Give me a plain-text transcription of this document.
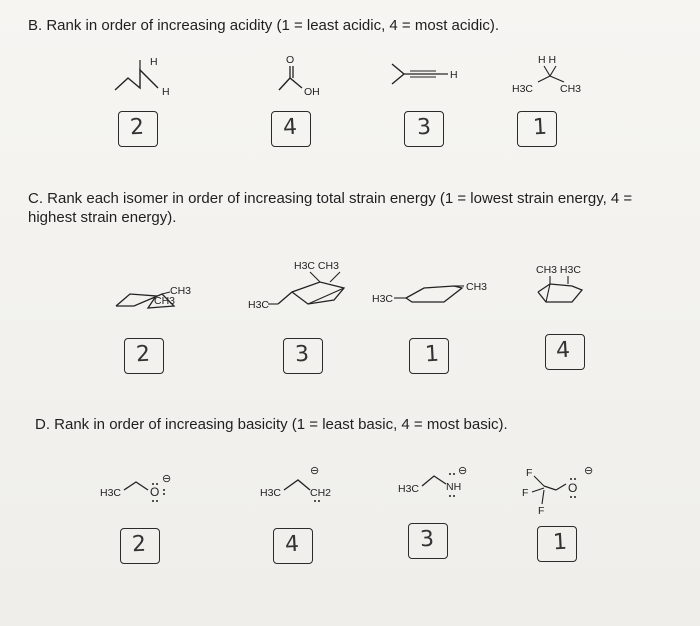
B. Rank in order of increasing acidity (1 = least acidic, 4 = most acidic).
H
H
O
OH
H
H H
H3C	CH3
2	4	3	1
C. Rank each isomer in order of increasing total strain energy (1 = lowest strain energy, 4 = highest strain energy).
CH3
CH3
H3C CH3
H3C	H3C
CH3
CH3 H3C
2	3	1	4
D. Rank in order of increasing basicity (1 = least basic, 4 = most basic).
H3C O
⊖
⊖
H3C	CH2
⊖
H3C	NH
F
F
F
O
⊖
2	4	3	1
